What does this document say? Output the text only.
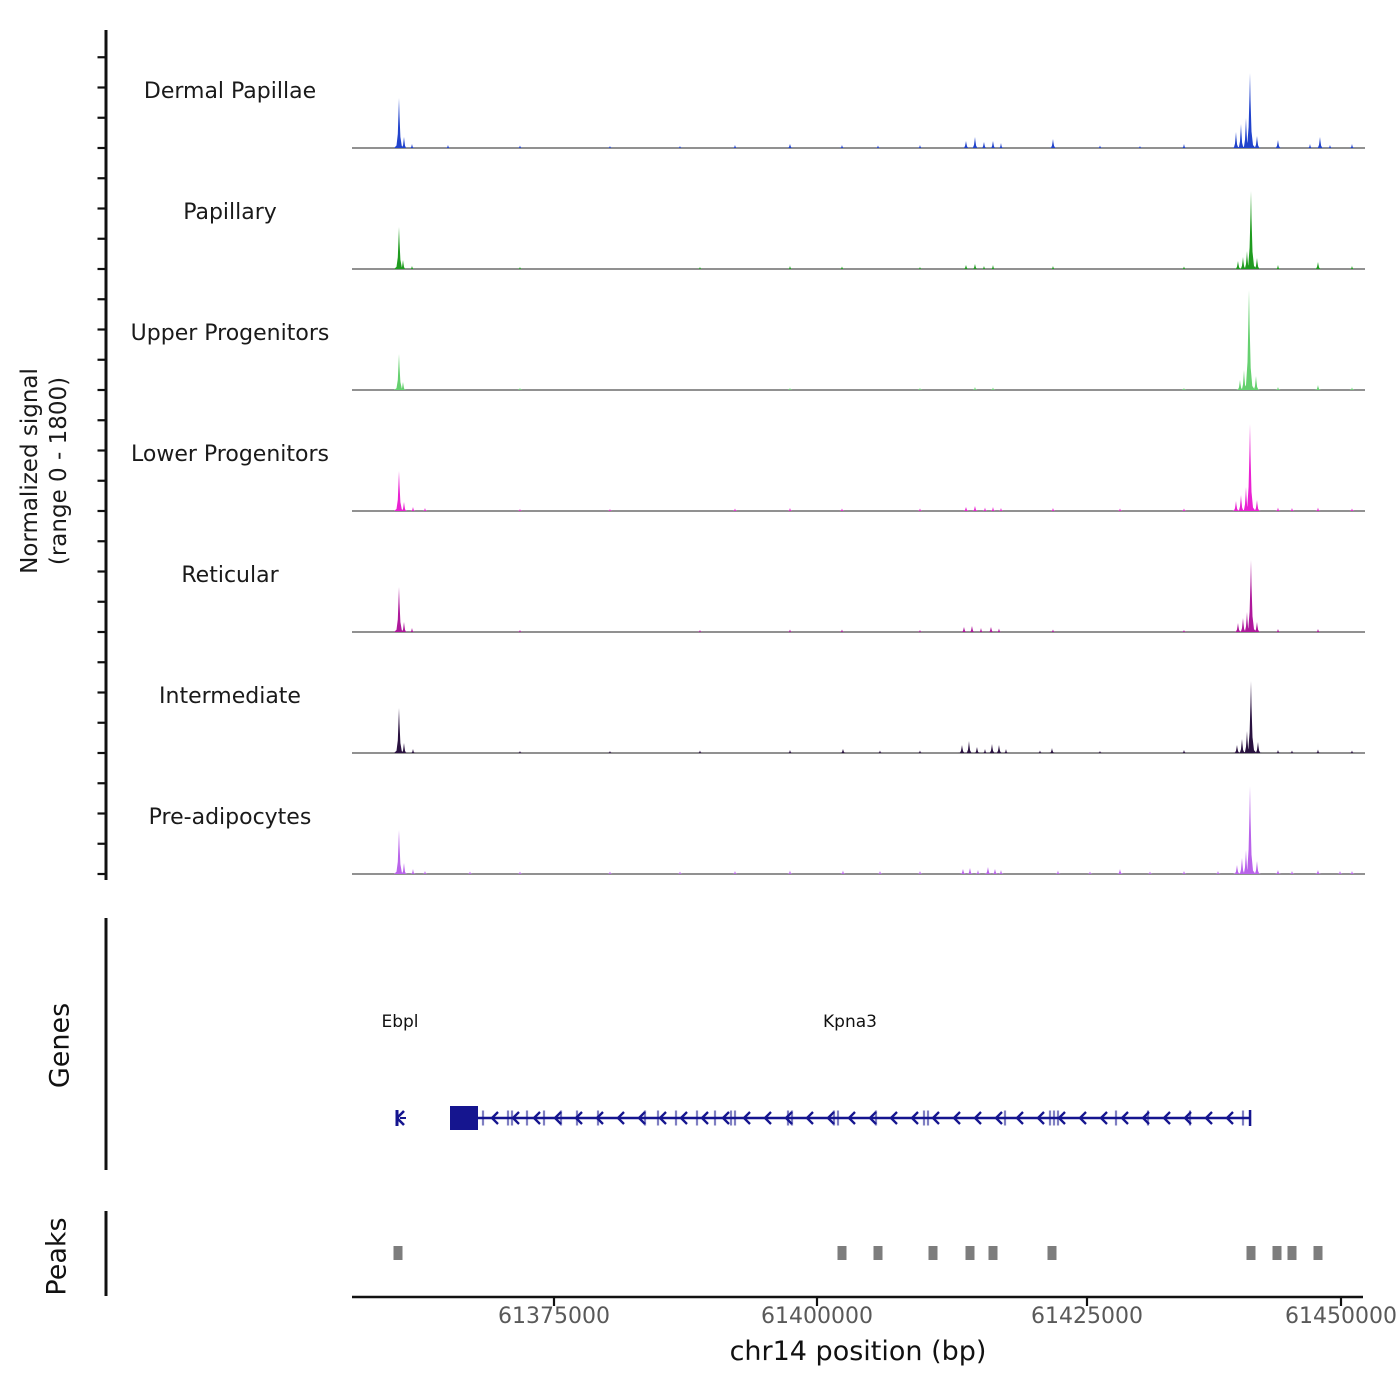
Normalized signal (range 0 - 1800)
Dermal Papillae
Papillary
Upper Progenitors
Lower Progenitors
Reticular
Intermediate
Pre-adipocytes
Genes
Peaks
Ebpl	Kpna3
61375000	61400000	61425000	61450000
chr14 position (bp)
